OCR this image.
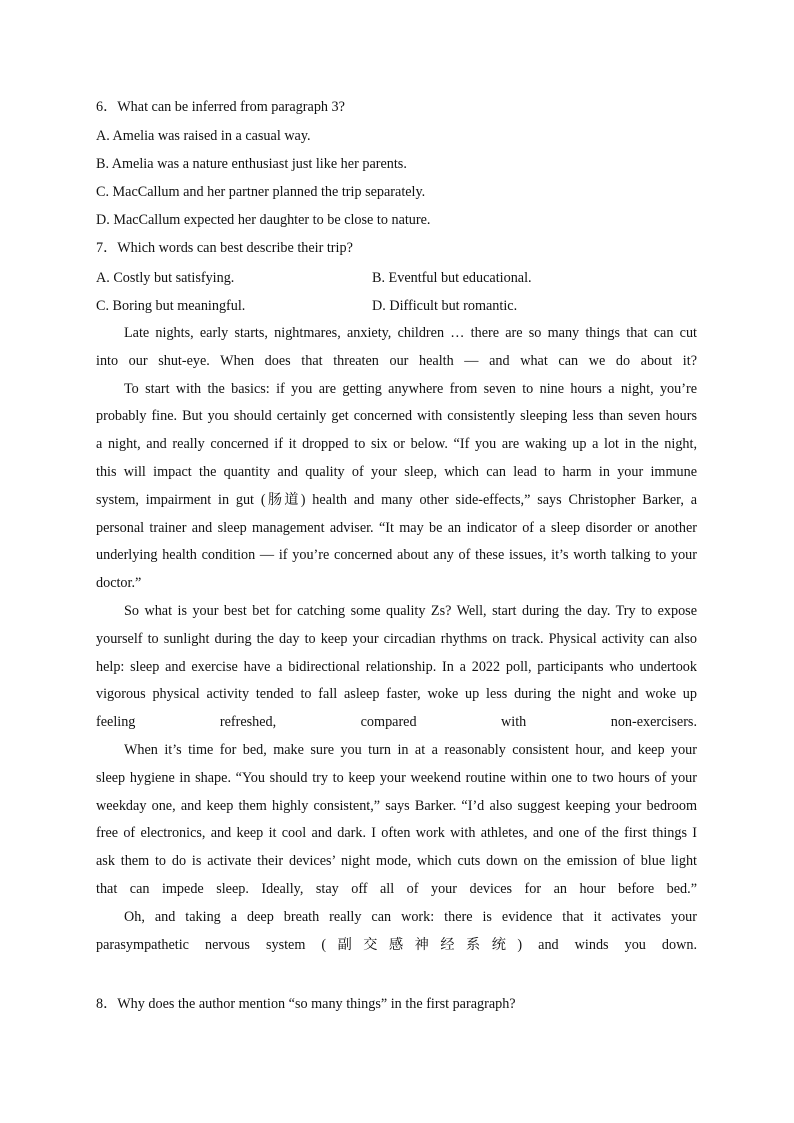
6．What can be inferred from paragraph 3?
A. Amelia was raised in a casual way.
B. Amelia was a nature enthusiast just like her parents.
C. MacCallum and her partner planned the trip separately.
D. MacCallum expected her daughter to be close to nature.
7．Which words can best describe their trip?
A. Costly but satisfying.	B. Eventful but educational.
C. Boring but meaningful.	D. Difficult but romantic.

Late nights, early starts, nightmares, anxiety, children … there are so many things that can cut into our shut-eye. When does that threaten our health — and what can we do about it?

To start with the basics: if you are getting anywhere from seven to nine hours a night, you’re probably fine. But you should certainly get concerned with consistently sleeping less than seven hours a night, and really concerned if it dropped to six or below. “If you are waking up a lot in the night, this will impact the quantity and quality of your sleep, which can lead to harm in your immune system, impairment in gut (肠道) health and many other side-effects,” says Christopher Barker, a personal trainer and sleep management adviser. “It may be an indicator of a sleep disorder or another underlying health condition — if you’re concerned about any of these issues, it’s worth talking to your doctor.”

So what is your best bet for catching some quality Zs? Well, start during the day. Try to expose yourself to sunlight during the day to keep your circadian rhythms on track. Physical activity can also help: sleep and exercise have a bidirectional relationship. In a 2022 poll, participants who undertook vigorous physical activity tended to fall asleep faster, woke up less during the night and woke up feeling refreshed, compared with non-exercisers.

When it’s time for bed, make sure you turn in at a reasonably consistent hour, and keep your sleep hygiene in shape. “You should try to keep your weekend routine within one to two hours of your weekday one, and keep them highly consistent,” says Barker. “I’d also suggest keeping your bedroom free of electronics, and keep it cool and dark. I often work with athletes, and one of the first things I ask them to do is activate their devices’ night mode, which cuts down on the emission of blue light that can impede sleep. Ideally, stay off all of your devices for an hour before bed.”

Oh, and taking a deep breath really can work: there is evidence that it activates your parasympathetic nervous system (副交感神经系统) and winds you down.

8．Why does the author mention “so many things” in the first paragraph?
